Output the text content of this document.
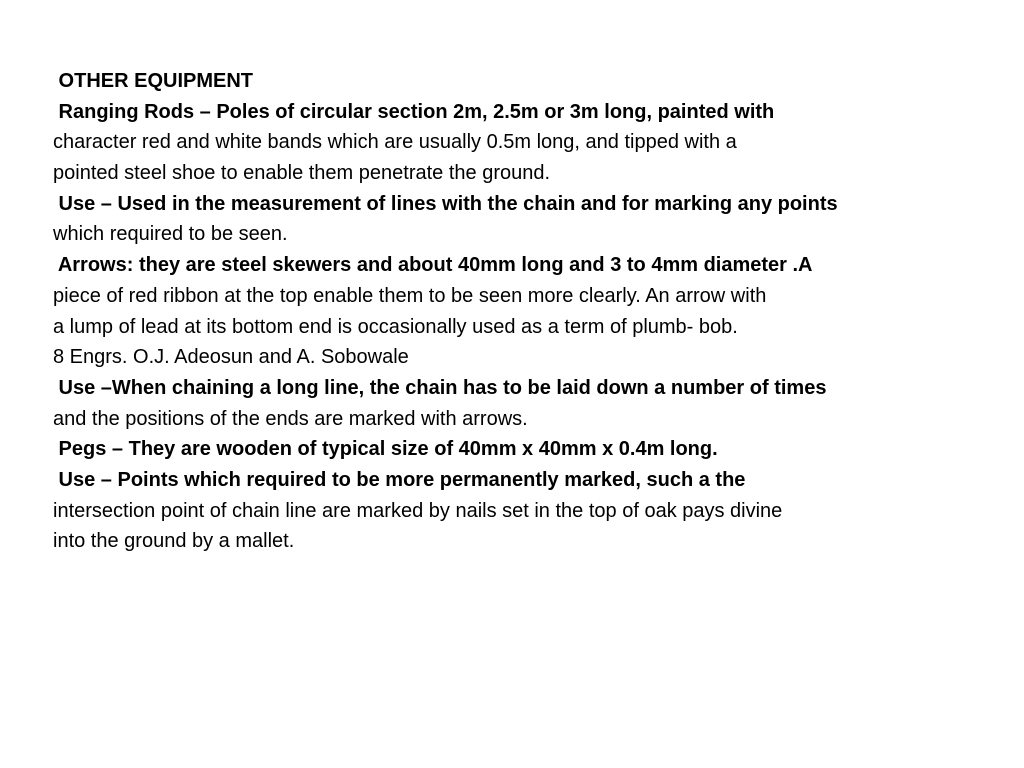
OTHER EQUIPMENT
Ranging Rods – Poles of circular section 2m, 2.5m or 3m long, painted with
character red and white bands which are usually 0.5m long, and tipped with a
pointed steel shoe to enable them penetrate the ground.
Use – Used in the measurement of lines with the chain and for marking any points
which required to be seen.
Arrows: they are steel skewers and about 40mm long and 3 to 4mm diameter .A
piece of red ribbon at the top enable them to be seen more clearly. An arrow with
a lump of lead at its bottom end is occasionally used as a term of plumb- bob.
8 Engrs. O.J. Adeosun and A. Sobowale
Use –When chaining a long line, the chain has to be laid down a number of times
and the positions of the ends are marked with arrows.
Pegs – They are wooden of typical size of 40mm x 40mm x 0.4m long.
Use – Points which required to be more permanently marked, such a the
intersection point of chain line are marked by nails set in the top of oak pays divine
into the ground by a mallet.
